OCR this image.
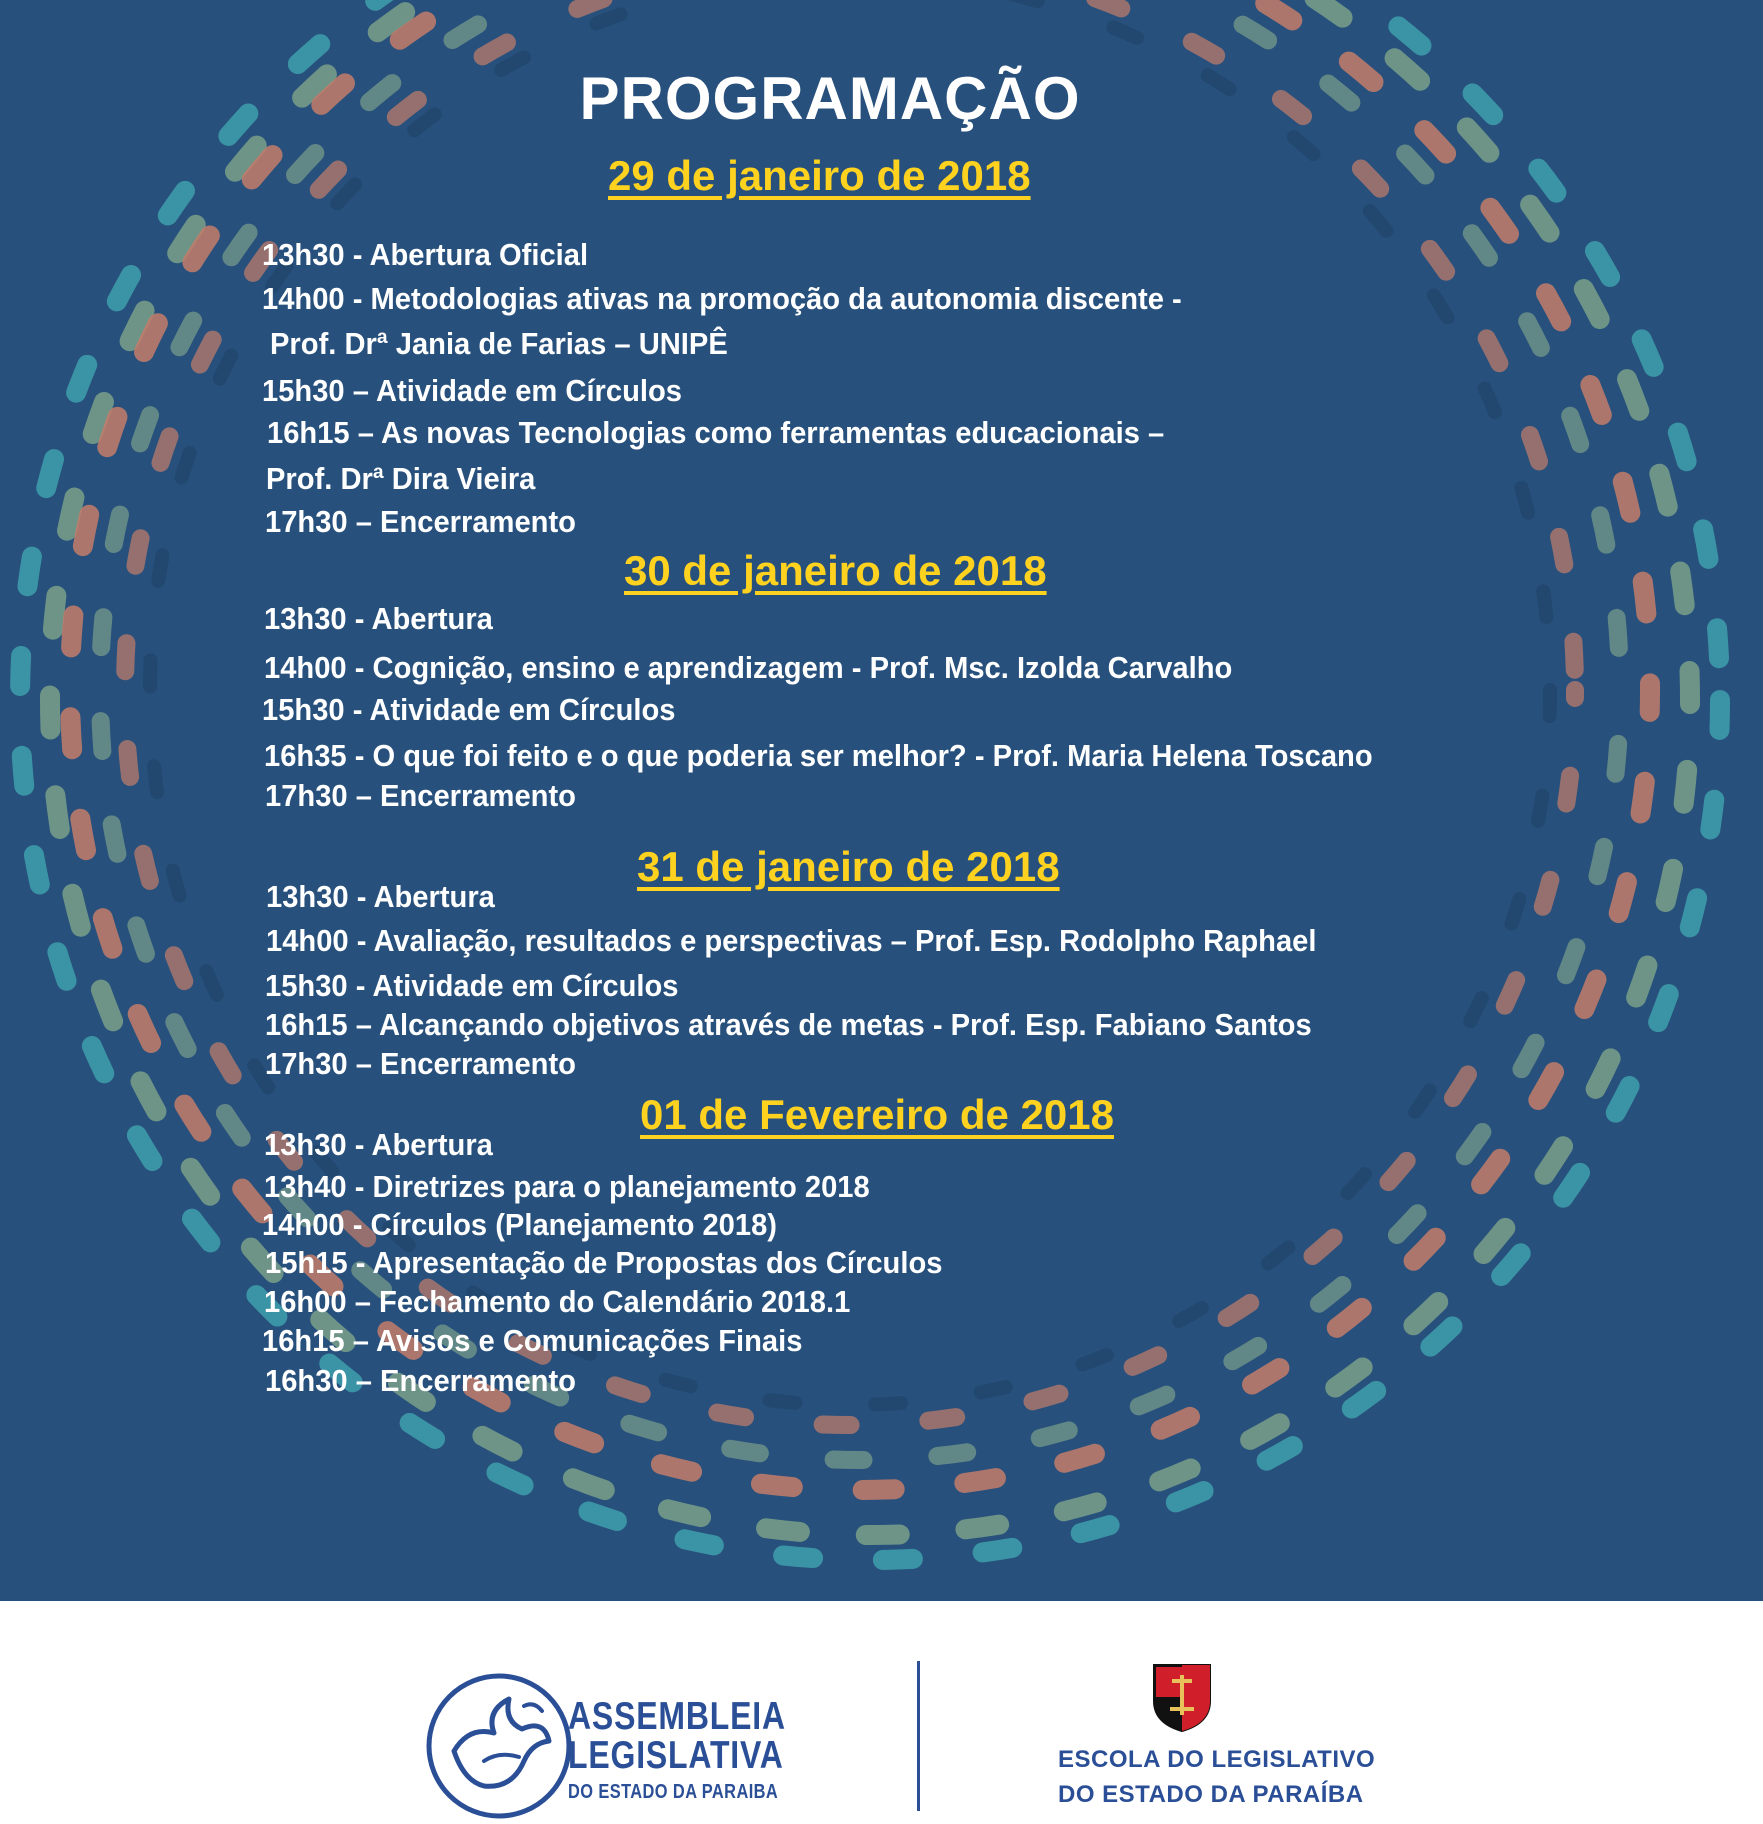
PROGRAMAÇÃO
29 de janeiro de 2018
13h30 - Abertura Oficial
14h00 - Metodologias ativas na promoção da autonomia discente -
Prof. Drª Jania de Farias – UNIPÊ
15h30 – Atividade em Círculos
16h15 – As novas Tecnologias como ferramentas educacionais –
Prof. Drª Dira Vieira
17h30 – Encerramento
30 de janeiro de 2018
13h30 - Abertura
14h00 - Cognição, ensino e aprendizagem - Prof. Msc. Izolda Carvalho
15h30 - Atividade em Círculos
16h35 - O que foi feito e o que poderia ser melhor? - Prof. Maria Helena Toscano
17h30 – Encerramento
31 de janeiro de 2018
13h30 - Abertura
14h00 - Avaliação, resultados e perspectivas – Prof. Esp. Rodolpho Raphael
15h30 - Atividade em Círculos
16h15 – Alcançando objetivos através de metas - Prof. Esp. Fabiano Santos
17h30 – Encerramento
01 de Fevereiro de 2018
13h30 - Abertura
13h40 - Diretrizes para o planejamento 2018
14h00 - Círculos (Planejamento 2018)
15h15 - Apresentação de Propostas dos Círculos
16h00 – Fechamento do Calendário 2018.1
16h15 – Avisos e Comunicações Finais
16h30 – Encerramento
ASSEMBLEIA
LEGISLATIVA
DO ESTADO DA PARAIBA
ESCOLA DO LEGISLATIVO
DO ESTADO DA PARAÍBA
